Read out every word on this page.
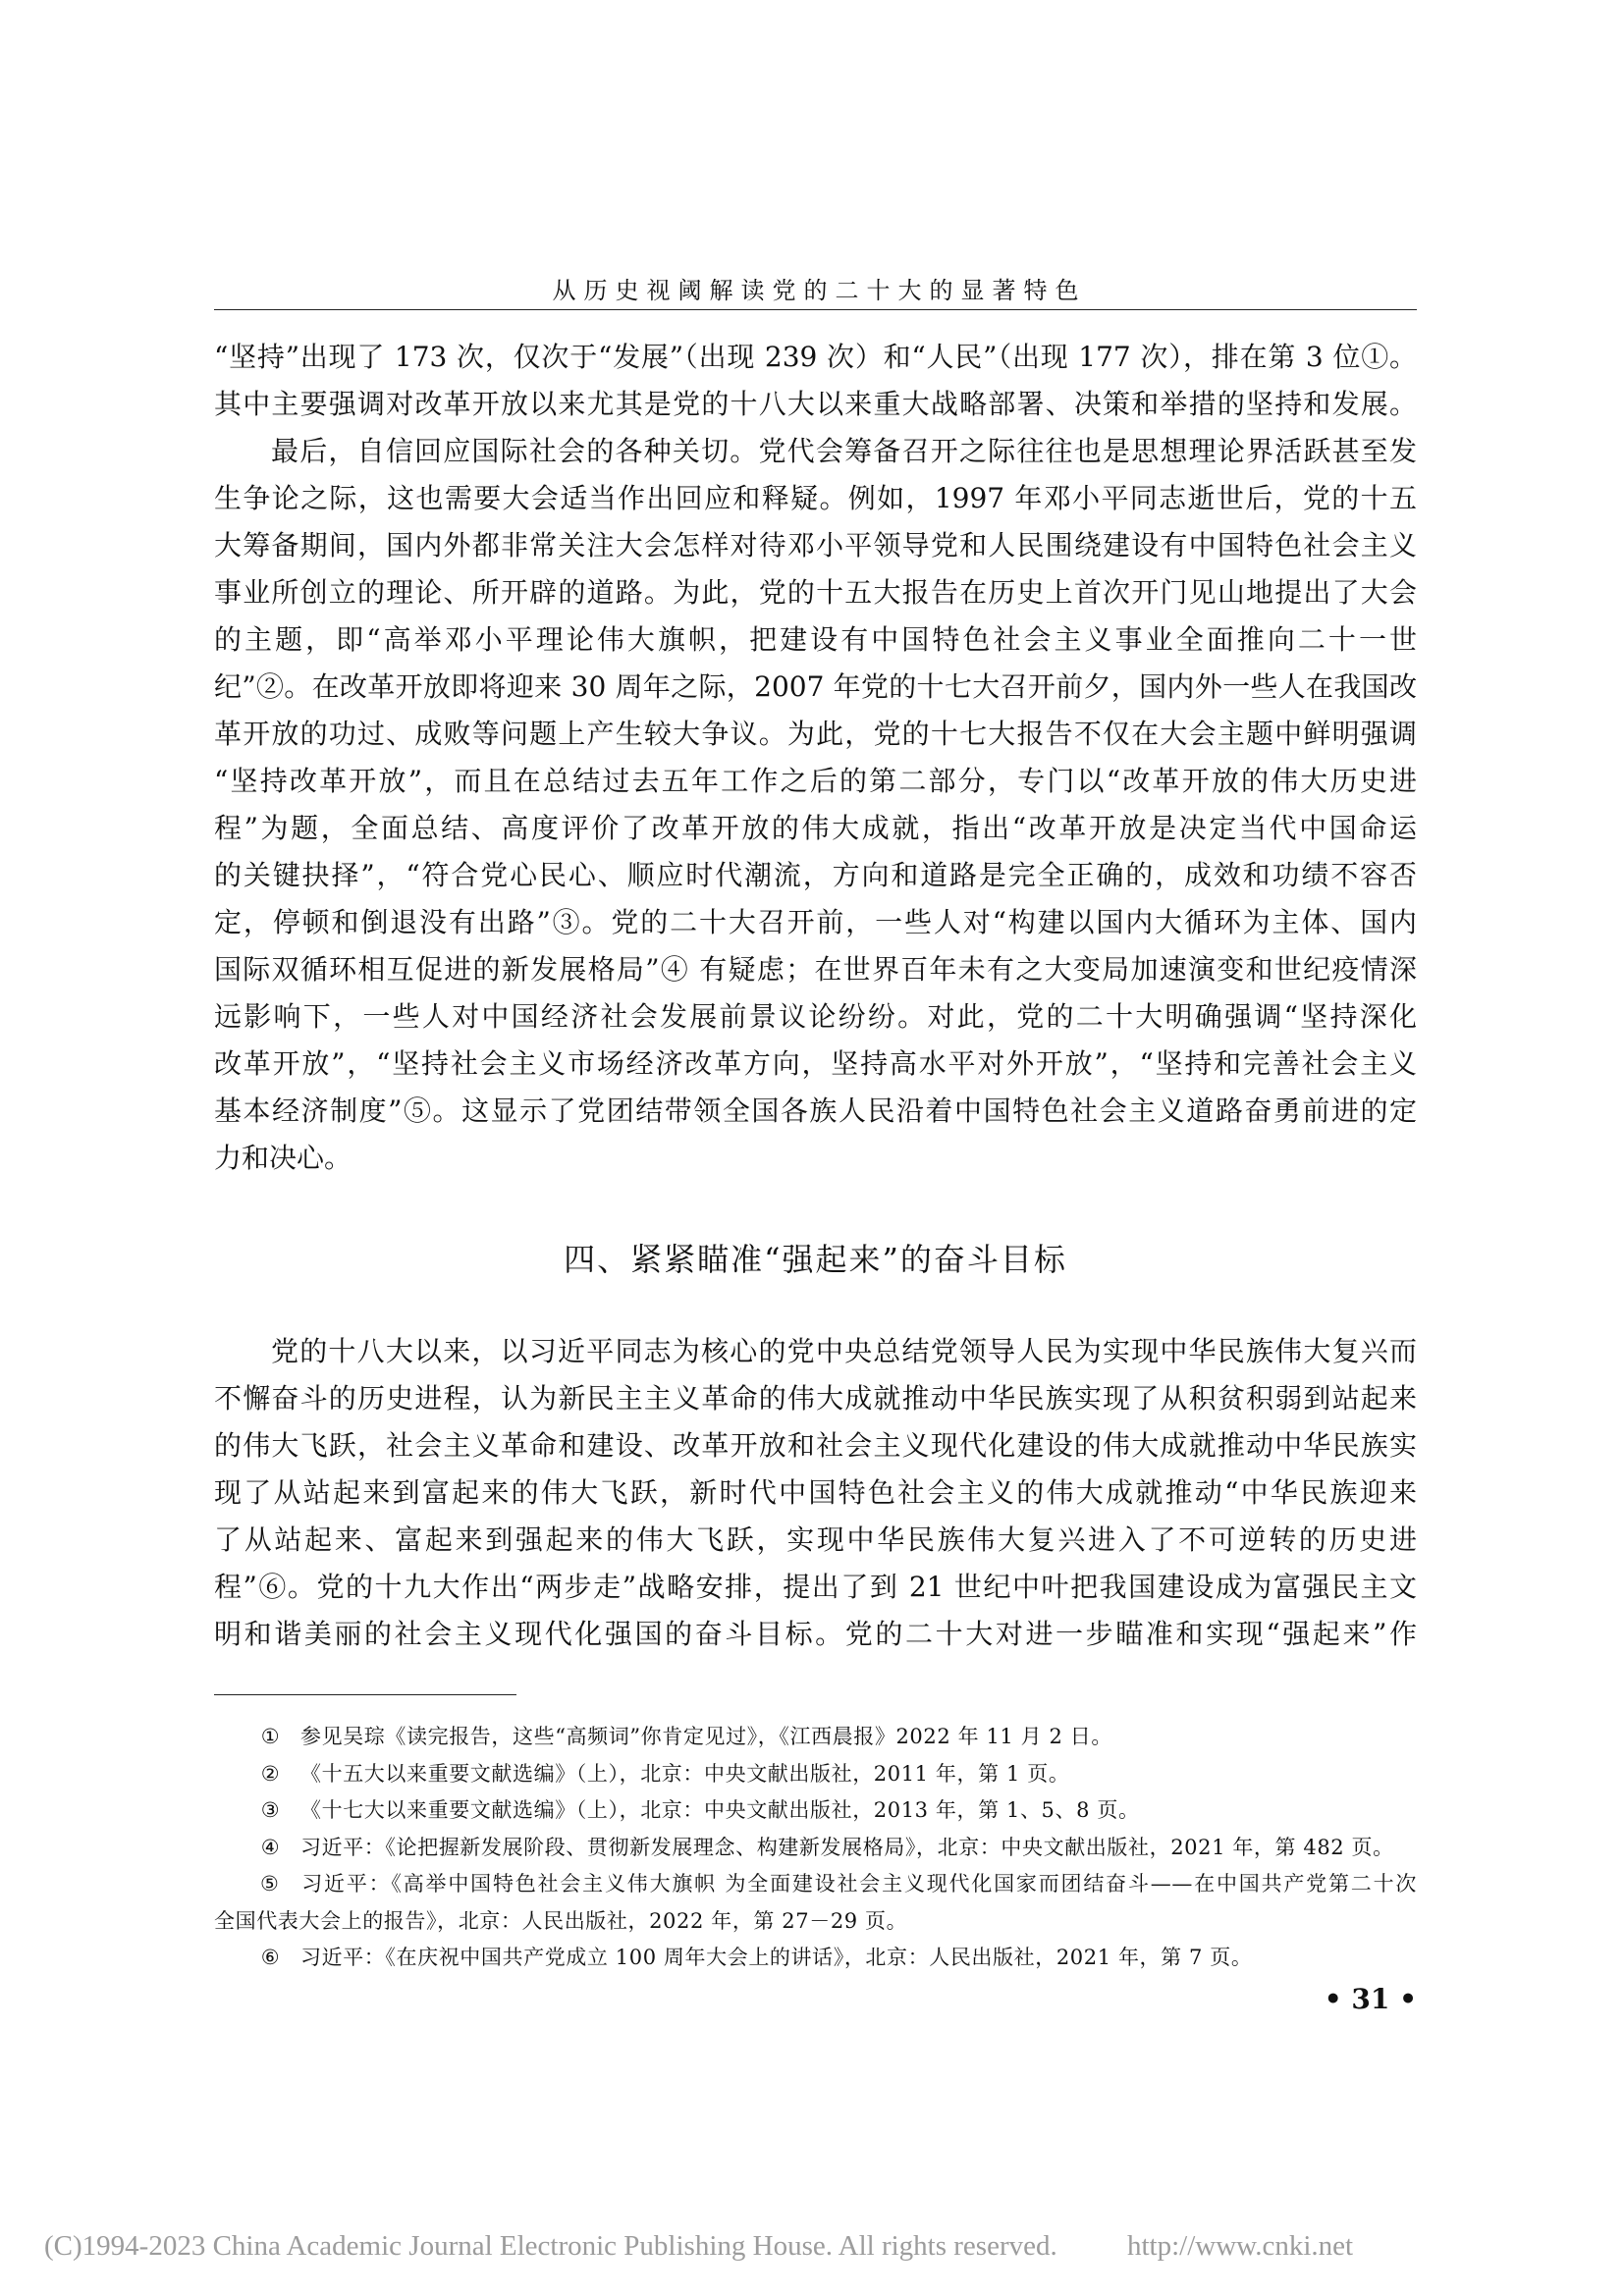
从历史视阈解读党的二十大的显著特色
“坚持”出现了 173 次，仅次于“发展”（出现 239 次）和“人民”（出现 177 次），排在第 3 位①。
其中主要强调对改革开放以来尤其是党的十八大以来重大战略部署、决策和举措的坚持和发展。
最后，自信回应国际社会的各种关切。党代会筹备召开之际往往也是思想理论界活跃甚至发
生争论之际，这也需要大会适当作出回应和释疑。例如，1997 年邓小平同志逝世后，党的十五
大筹备期间，国内外都非常关注大会怎样对待邓小平领导党和人民围绕建设有中国特色社会主义
事业所创立的理论、所开辟的道路。为此，党的十五大报告在历史上首次开门见山地提出了大会
的主题，即“高举邓小平理论伟大旗帜，把建设有中国特色社会主义事业全面推向二十一世
纪”②。在改革开放即将迎来 30 周年之际，2007 年党的十七大召开前夕，国内外一些人在我国改
革开放的功过、成败等问题上产生较大争议。为此，党的十七大报告不仅在大会主题中鲜明强调
“坚持改革开放”，而且在总结过去五年工作之后的第二部分，专门以“改革开放的伟大历史进
程”为题，全面总结、高度评价了改革开放的伟大成就，指出“改革开放是决定当代中国命运
的关键抉择”，“符合党心民心、顺应时代潮流，方向和道路是完全正确的，成效和功绩不容否
定，停顿和倒退没有出路”③。党的二十大召开前，一些人对“构建以国内大循环为主体、国内
国际双循环相互促进的新发展格局”④ 有疑虑；在世界百年未有之大变局加速演变和世纪疫情深
远影响下，一些人对中国经济社会发展前景议论纷纷。对此，党的二十大明确强调“坚持深化
改革开放”，“坚持社会主义市场经济改革方向，坚持高水平对外开放”，“坚持和完善社会主义
基本经济制度”⑤。这显示了党团结带领全国各族人民沿着中国特色社会主义道路奋勇前进的定
力和决心。
四、紧紧瞄准“强起来”的奋斗目标
党的十八大以来，以习近平同志为核心的党中央总结党领导人民为实现中华民族伟大复兴而
不懈奋斗的历史进程，认为新民主主义革命的伟大成就推动中华民族实现了从积贫积弱到站起来
的伟大飞跃，社会主义革命和建设、改革开放和社会主义现代化建设的伟大成就推动中华民族实
现了从站起来到富起来的伟大飞跃，新时代中国特色社会主义的伟大成就推动“中华民族迎来
了从站起来、富起来到强起来的伟大飞跃，实现中华民族伟大复兴进入了不可逆转的历史进
程”⑥。党的十九大作出“两步走”战略安排，提出了到 21 世纪中叶把我国建设成为富强民主文
明和谐美丽的社会主义现代化强国的奋斗目标。党的二十大对进一步瞄准和实现“强起来”作
① 参见吴琮《读完报告，这些“高频词”你肯定见过》，《江西晨报》2022 年 11 月 2 日。
② 《十五大以来重要文献选编》（上），北京：中央文献出版社，2011 年，第 1 页。
③ 《十七大以来重要文献选编》（上），北京：中央文献出版社，2013 年，第 1、5、8 页。
④ 习近平：《论把握新发展阶段、贯彻新发展理念、构建新发展格局》，北京：中央文献出版社，2021 年，第 482 页。
⑤ 习近平：《高举中国特色社会主义伟大旗帜 为全面建设社会主义现代化国家而团结奋斗——在中国共产党第二十次
全国代表大会上的报告》，北京：人民出版社，2022 年，第 27－29 页。
⑥ 习近平：《在庆祝中国共产党成立 100 周年大会上的讲话》，北京：人民出版社，2021 年，第 7 页。
• 31 •
(C)1994-2023 China Academic Journal Electronic Publishing House. All rights reserved. http://www.cnki.net
